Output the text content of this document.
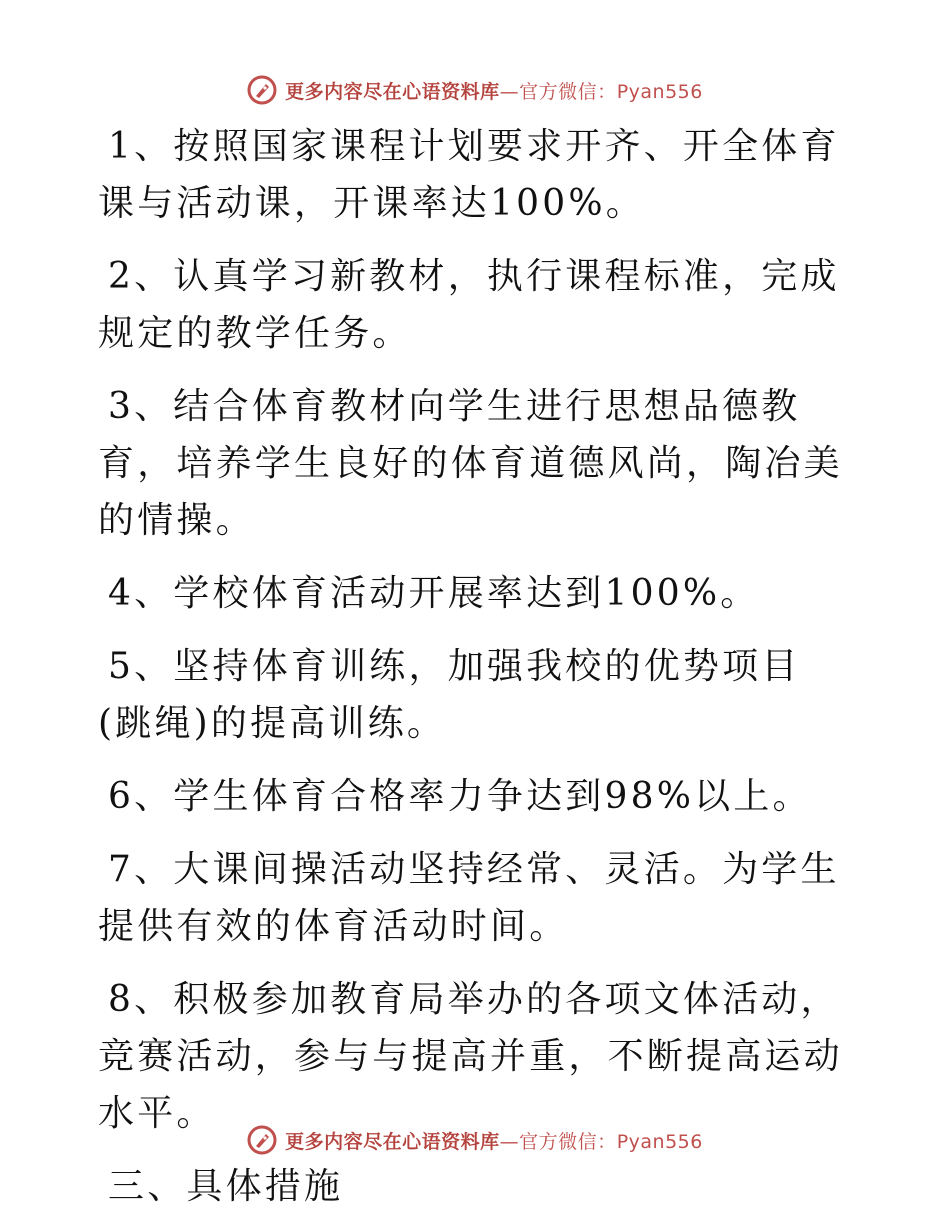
更多内容尽在心语资料库—官方微信：Pyan556

1、按照国家课程计划要求开齐、开全体育课与活动课，开课率达100%。

2、认真学习新教材，执行课程标准，完成规定的教学任务。

3、结合体育教材向学生进行思想品德教育，培养学生良好的体育道德风尚，陶冶美的情操。

4、学校体育活动开展率达到100%。

5、坚持体育训练，加强我校的优势项目(跳绳)的提高训练。

6、学生体育合格率力争达到98%以上。

7、大课间操活动坚持经常、灵活。为学生提供有效的体育活动时间。

8、积极参加教育局举办的各项文体活动，竞赛活动，参与与提高并重，不断提高运动水平。

三、具体措施

更多内容尽在心语资料库—官方微信：Pyan556
